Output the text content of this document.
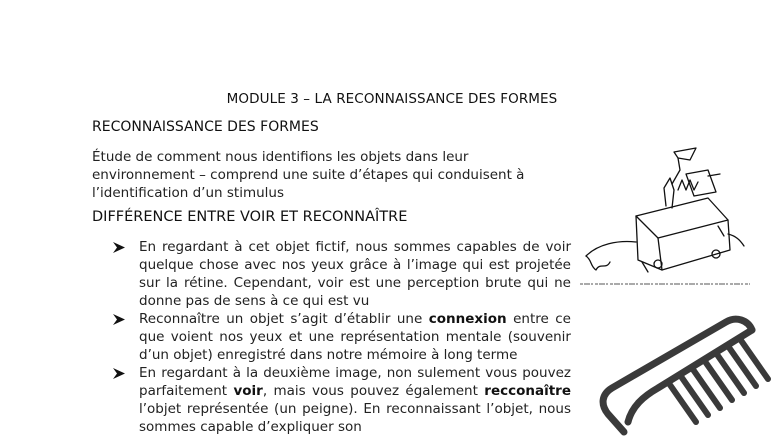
MODULE 3 – LA RECONNAISSANCE DES FORMES
RECONNAISSANCE DES FORMES
Étude de comment nous identifions les objets dans leur environnement – comprend une suite d’étapes qui conduisent à l’identification d’un stimulus
DIFFÉRENCE ENTRE VOIR ET RECONNAÎTRE
En regardant à cet objet fictif, nous sommes capables de voir quelque chose avec nos yeux grâce à l’image qui est projetée sur la rétine. Cependant, voir est une perception brute qui ne donne pas de sens à ce qui est vu
Reconnaître un objet s’agit d’établir une connexion entre ce que voient nos yeux et une représentation mentale (souvenir d’un objet) enregistré dans notre mémoire à long terme
En regardant à la deuxième image, non sulement vous pouvez parfaitement voir, mais vous pouvez également recconaître l’objet représentée (un peigne). En reconnaissant l’objet, nous sommes capable d’expliquer son
